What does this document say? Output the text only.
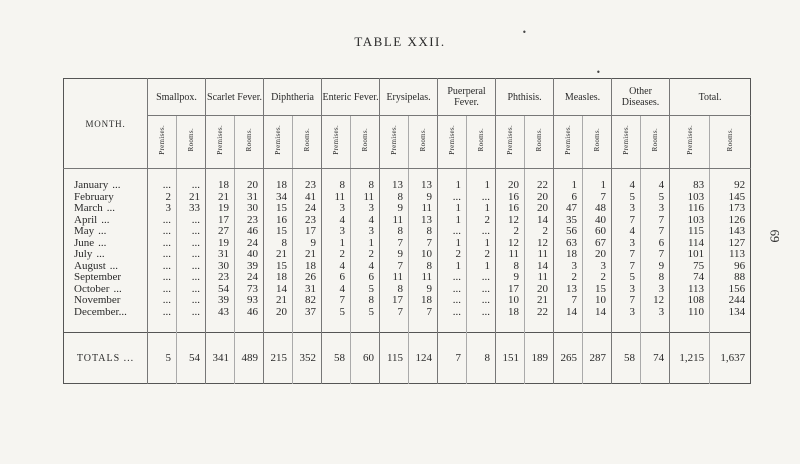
TABLE XXII.
69
•
•
MONTH.	Smallpox.		Scarlet Fever.		Diphtheria		Enteric Fever.		Erysipelas.		Puerperal Fever.		Phthisis.		Measles.		Other Diseases.		Total.	
	Premises.	Rooms.	Premises.	Rooms.	Premises.	Rooms.	Premises.	Rooms.	Premises.	Rooms.	Premises.	Rooms.	Premises.	Rooms.	Premises.	Rooms.	Premises.	Rooms.	Premises.	Rooms.

January ...	...	...	18	20	18	23	8	8	13	13	1	1	20	22	1	1	4	4	83	92
February	2	21	21	31	34	41	11	11	8	9	...	...	16	20	6	7	5	5	103	145
March ...	3	33	19	30	15	24	3	3	9	11	1	1	16	20	47	48	3	3	116	173
April ...	...	...	17	23	16	23	4	4	11	13	1	2	12	14	35	40	7	7	103	126
May ...	...	...	27	46	15	17	3	3	8	8	...	...	2	2	56	60	4	7	115	143
June ...	...	...	19	24	8	9	1	1	7	7	1	1	12	12	63	67	3	6	114	127
July ...	...	...	31	40	21	21	2	2	9	10	2	2	11	11	18	20	7	7	101	113
August ...	...	...	30	39	15	18	4	4	7	8	1	1	8	14	3	3	7	9	75	96
September	...	...	23	24	18	26	6	6	11	11	...	...	9	11	2	2	5	8	74	88
October ...	...	...	54	73	14	31	4	5	8	9	...	...	17	20	13	15	3	3	113	156
November	...	...	39	93	21	82	7	8	17	18	...	...	10	21	7	10	7	12	108	244
December...	...	...	43	46	20	37	5	5	7	7	...	...	18	22	14	14	3	3	110	134

TOTALS ...	5	54	341	489	215	352	58	60	115	124	7	8	151	189	265	287	58	74	1,215	1,637
